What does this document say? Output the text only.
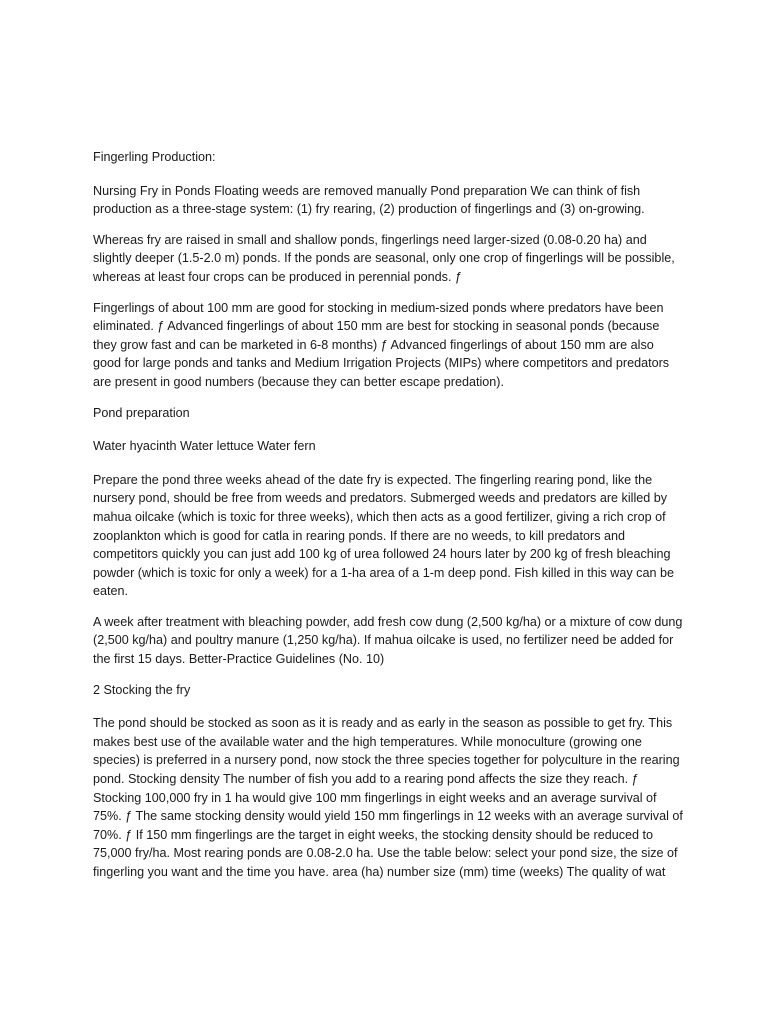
Fingerling Production:

Nursing Fry in Ponds Floating weeds are removed manually Pond preparation We can think of fish production as a three-stage system: (1) fry rearing, (2) production of fingerlings and (3) on-growing.

Whereas fry are raised in small and shallow ponds, fingerlings need larger-sized (0.08-0.20 ha) and slightly deeper (1.5-2.0 m) ponds. If the ponds are seasonal, only one crop of fingerlings will be possible, whereas at least four crops can be produced in perennial ponds. ƒ

Fingerlings of about 100 mm are good for stocking in medium-sized ponds where predators have been eliminated. ƒ Advanced fingerlings of about 150 mm are best for stocking in seasonal ponds (because they grow fast and can be marketed in 6-8 months) ƒ Advanced fingerlings of about 150 mm are also good for large ponds and tanks and Medium Irrigation Projects (MIPs) where competitors and predators are present in good numbers (because they can better escape predation).

Pond preparation

Water hyacinth Water lettuce Water fern

Prepare the pond three weeks ahead of the date fry is expected. The fingerling rearing pond, like the nursery pond, should be free from weeds and predators. Submerged weeds and predators are killed by mahua oilcake (which is toxic for three weeks), which then acts as a good fertilizer, giving a rich crop of zooplankton which is good for catla in rearing ponds. If there are no weeds, to kill predators and competitors quickly you can just add 100 kg of urea followed 24 hours later by 200 kg of fresh bleaching powder (which is toxic for only a week) for a 1-ha area of a 1-m deep pond. Fish killed in this way can be eaten.

A week after treatment with bleaching powder, add fresh cow dung (2,500 kg/ha) or a mixture of cow dung (2,500 kg/ha) and poultry manure (1,250 kg/ha). If mahua oilcake is used, no fertilizer need be added for the first 15 days. Better-Practice Guidelines (No. 10)

2 Stocking the fry

The pond should be stocked as soon as it is ready and as early in the season as possible to get fry. This makes best use of the available water and the high temperatures. While monoculture (growing one species) is preferred in a nursery pond, now stock the three species together for polyculture in the rearing pond. Stocking density The number of fish you add to a rearing pond affects the size they reach. ƒ Stocking 100,000 fry in 1 ha would give 100 mm fingerlings in eight weeks and an average survival of 75%. ƒ The same stocking density would yield 150 mm fingerlings in 12 weeks with an average survival of 70%. ƒ If 150 mm fingerlings are the target in eight weeks, the stocking density should be reduced to 75,000 fry/ha. Most rearing ponds are 0.08-2.0 ha. Use the table below: select your pond size, the size of fingerling you want and the time you have. area (ha) number size (mm) time (weeks) The quality of wat
